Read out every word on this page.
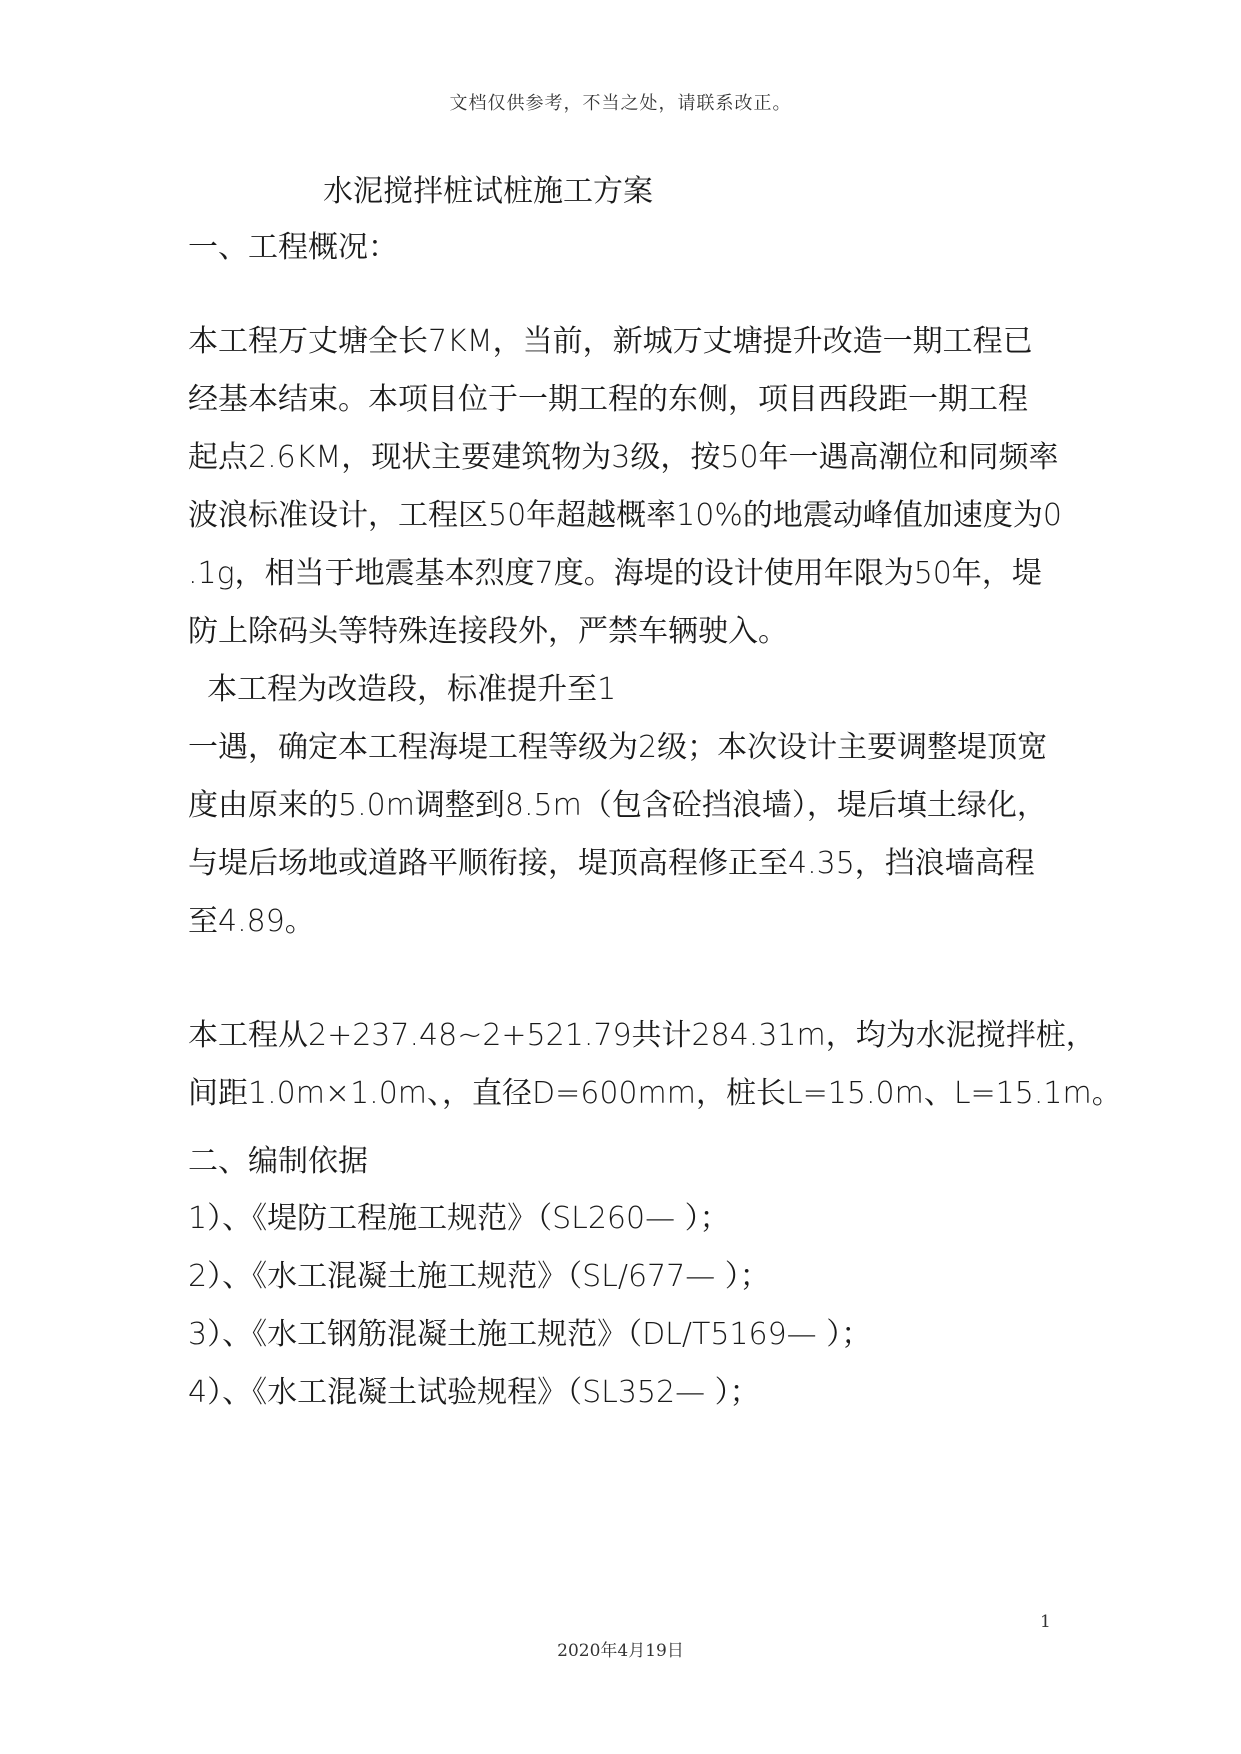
文档仅供参考，不当之处，请联系改正。
水泥搅拌桩试桩施工方案
一、工程概况：
本工程万丈塘全长7KM，当前，新城万丈塘提升改造一期工程已
经基本结束。本项目位于一期工程的东侧，项目西段距一期工程
起点2.6KM，现状主要建筑物为3级，按50年一遇高潮位和同频率
波浪标准设计，工程区50年超越概率10%的地震动峰值加速度为0
.1g，相当于地震基本烈度7度。海堤的设计使用年限为50年，堤
防上除码头等特殊连接段外，严禁车辆驶入。
本工程为改造段，标准提升至1
一遇，确定本工程海堤工程等级为2级；本次设计主要调整堤顶宽
度由原来的5.0m调整到8.5m（包含砼挡浪墙），堤后填土绿化，
与堤后场地或道路平顺衔接，堤顶高程修正至4.35，挡浪墙高程
至4.89。
本工程从2+237.48~2+521.79共计284.31m，均为水泥搅拌桩，
间距1.0m×1.0m、，直径D=600mm，桩长L=15.0m、L=15.1m。
二、编制依据
1）、《堤防工程施工规范》（SL260— ）；
2）、《水工混凝土施工规范》（SL/677— ）；
3）、《水工钢筋混凝土施工规范》（DL/T5169— ）；
4）、《水工混凝土试验规程》（SL352— ）；
1
2020年4月19日
